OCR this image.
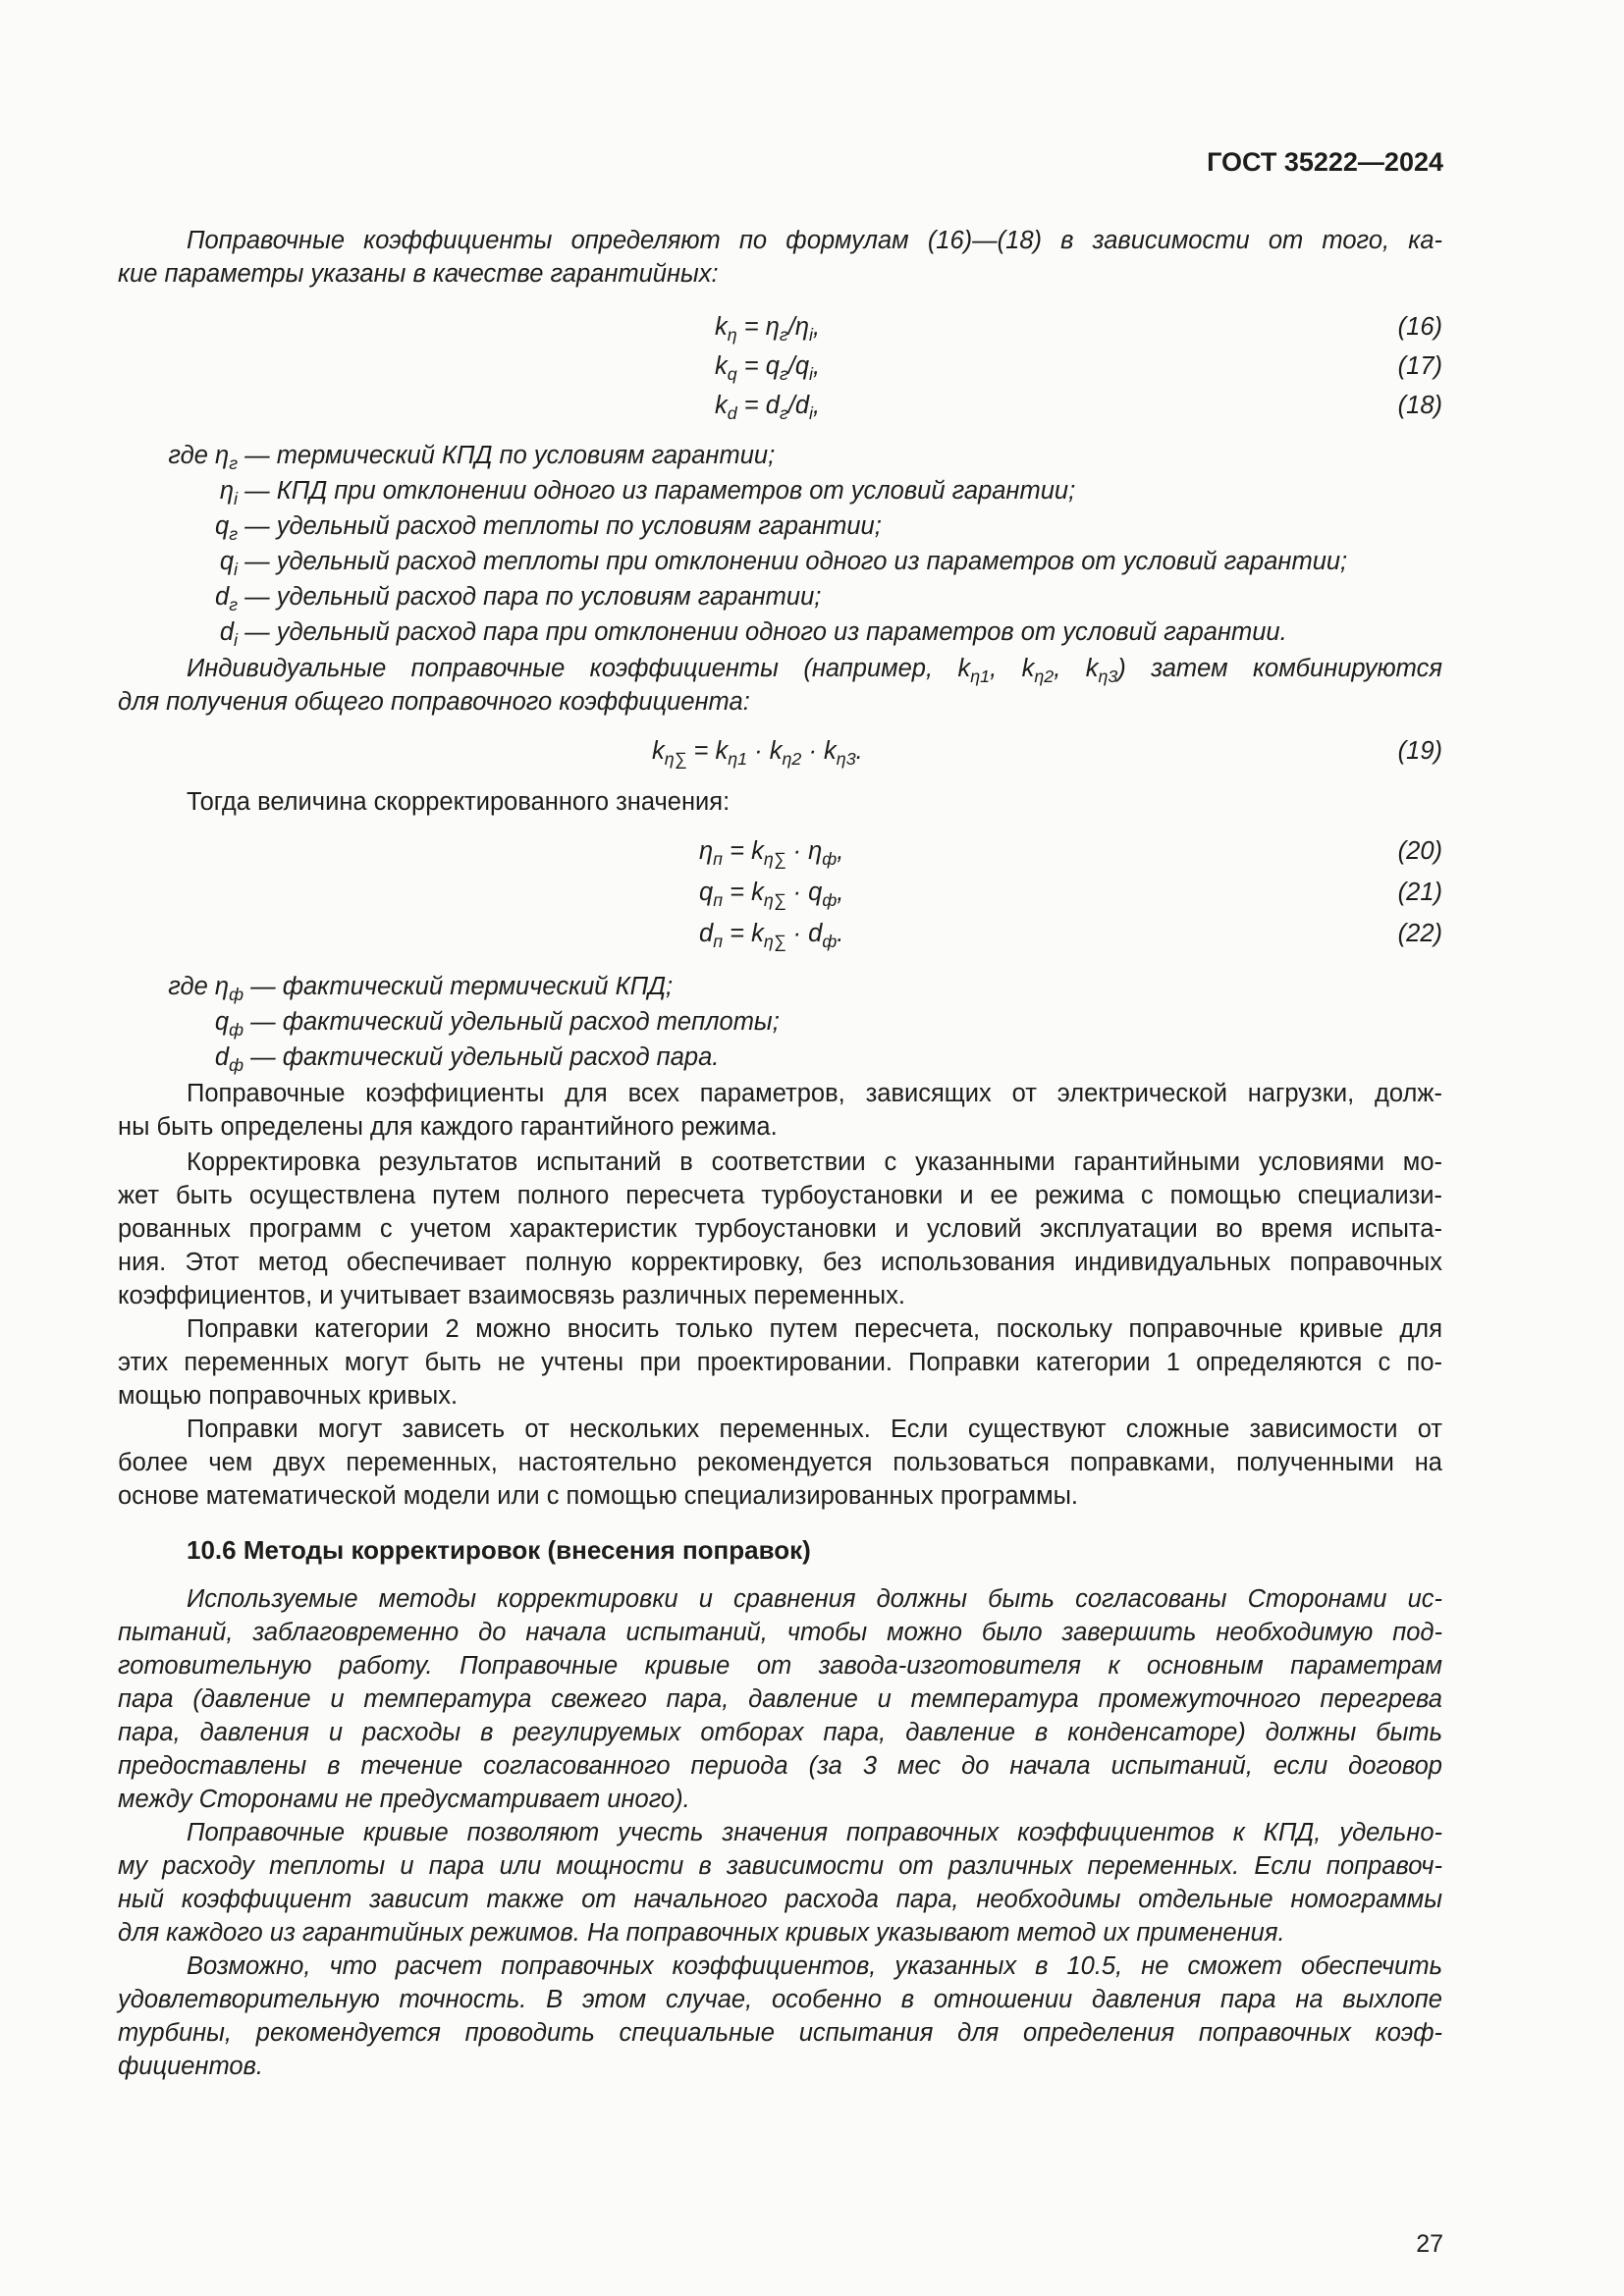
ГОСТ 35222—2024
Поправочные коэффициенты определяют по формулам (16)—(18) в зависимости от того, ка-
кие параметры указаны в качестве гарантийных:
$k_\eta = \eta_г/\eta_i$,	(16)
$k_q = q_г/q_i$,	(17)
$k_d = d_г/d_i$,	(18)
где $\eta_г$ — термический КПД по условиям гарантии;
$\eta_i$ — КПД при отклонении одного из параметров от условий гарантии;
$q_г$ — удельный расход теплоты по условиям гарантии;
$q_i$ — удельный расход теплоты при отклонении одного из параметров от условий гарантии;
$d_г$ — удельный расход пара по условиям гарантии;
$d_i$ — удельный расход пара при отклонении одного из параметров от условий гарантии.
Индивидуальные поправочные коэффициенты (например, $k_{\eta 1}$, $k_{\eta 2}$, $k_{\eta 3}$) затем комбинируются
для получения общего поправочного коэффициента:
$k_{\eta\sum} = k_{\eta 1} \cdot k_{\eta 2} \cdot k_{\eta 3}$.	(19)
Тогда величина скорректированного значения:
$\eta_п = k_{\eta\sum} \cdot \eta_ф$,	(20)
$q_п = k_{\eta\sum} \cdot q_ф$,	(21)
$d_п = k_{\eta\sum} \cdot d_ф$.	(22)
где $\eta_ф$ — фактический термический КПД;
$q_ф$ — фактический удельный расход теплоты;
$d_ф$ — фактический удельный расход пара.
Поправочные коэффициенты для всех параметров, зависящих от электрической нагрузки, долж-
ны быть определены для каждого гарантийного режима.
Корректировка результатов испытаний в соответствии с указанными гарантийными условиями мо-
жет быть осуществлена путем полного пересчета турбоустановки и ее режима с помощью специализи-
рованных программ с учетом характеристик турбоустановки и условий эксплуатации во время испыта-
ния. Этот метод обеспечивает полную корректировку, без использования индивидуальных поправочных
коэффициентов, и учитывает взаимосвязь различных переменных.
Поправки категории 2 можно вносить только путем пересчета, поскольку поправочные кривые для
этих переменных могут быть не учтены при проектировании. Поправки категории 1 определяются с по-
мощью поправочных кривых.
Поправки могут зависеть от нескольких переменных. Если существуют сложные зависимости от
более чем двух переменных, настоятельно рекомендуется пользоваться поправками, полученными на
основе математической модели или с помощью специализированных программы.
10.6 Методы корректировок (внесения поправок)
Используемые методы корректировки и сравнения должны быть согласованы Сторонами ис-
пытаний, заблаговременно до начала испытаний, чтобы можно было завершить необходимую под-
готовительную работу. Поправочные кривые от завода-изготовителя к основным параметрам
пара (давление и температура свежего пара, давление и температура промежуточного перегрева
пара, давления и расходы в регулируемых отборах пара, давление в конденсаторе) должны быть
предоставлены в течение согласованного периода (за 3 мес до начала испытаний, если договор
между Сторонами не предусматривает иного).
Поправочные кривые позволяют учесть значения поправочных коэффициентов к КПД, удельно-
му расходу теплоты и пара или мощности в зависимости от различных переменных. Если поправоч-
ный коэффициент зависит также от начального расхода пара, необходимы отдельные номограммы
для каждого из гарантийных режимов. На поправочных кривых указывают метод их применения.
Возможно, что расчет поправочных коэффициентов, указанных в 10.5, не сможет обеспечить
удовлетворительную точность. В этом случае, особенно в отношении давления пара на выхлопе
турбины, рекомендуется проводить специальные испытания для определения поправочных коэф-
фициентов.
27
